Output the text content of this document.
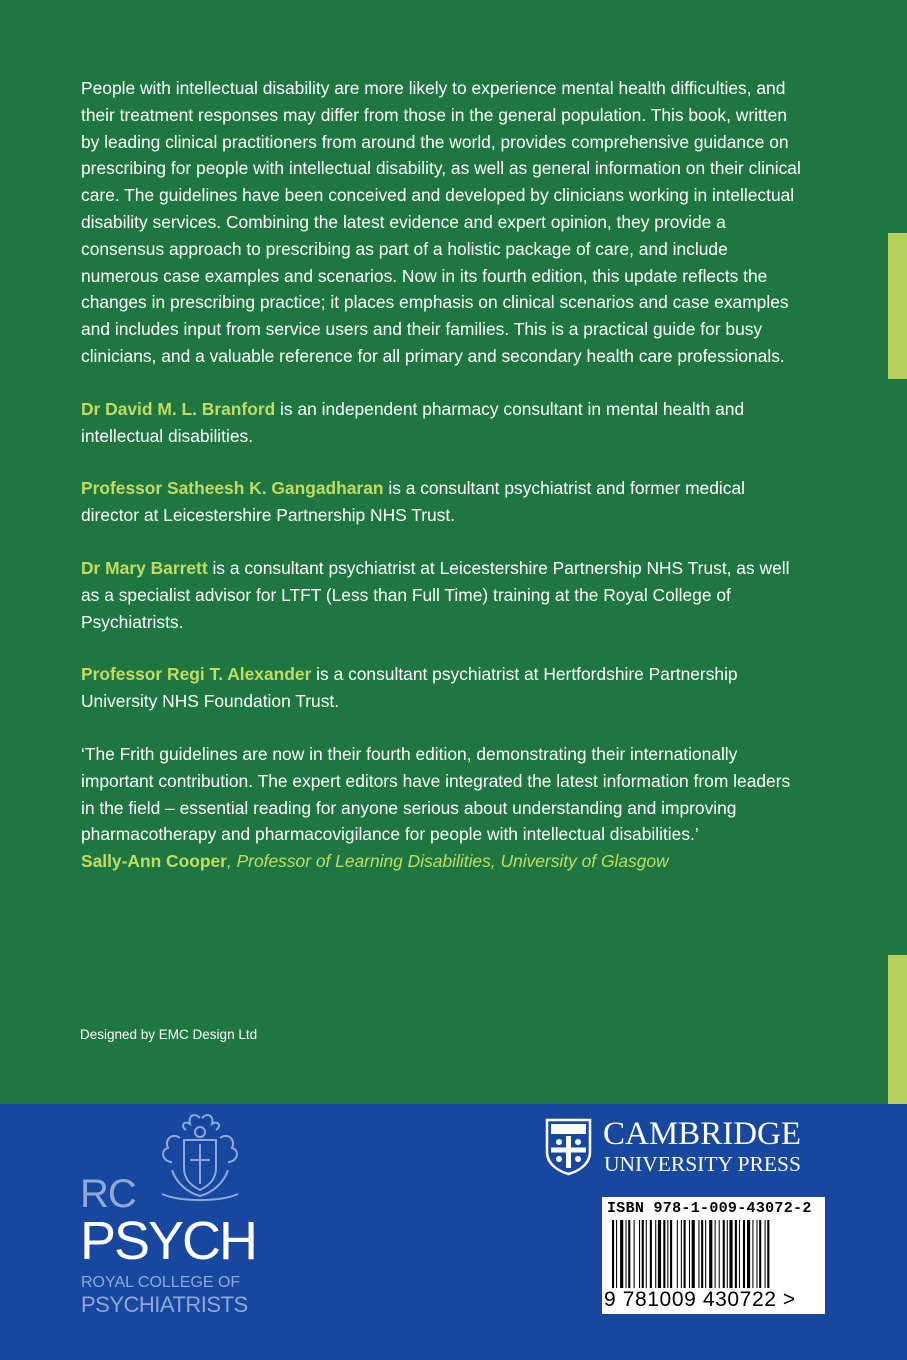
People with intellectual disability are more likely to experience mental health difficulties, and their treatment responses may differ from those in the general population. This book, written by leading clinical practitioners from around the world, provides comprehensive guidance on prescribing for people with intellectual disability, as well as general information on their clinical care. The guidelines have been conceived and developed by clinicians working in intellectual disability services. Combining the latest evidence and expert opinion, they provide a consensus approach to prescribing as part of a holistic package of care, and include numerous case examples and scenarios. Now in its fourth edition, this update reflects the changes in prescribing practice; it places emphasis on clinical scenarios and case examples and includes input from service users and their families. This is a practical guide for busy clinicians, and a valuable reference for all primary and secondary health care professionals.

Dr David M. L. Branford is an independent pharmacy consultant in mental health and intellectual disabilities.

Professor Satheesh K. Gangadharan is a consultant psychiatrist and former medical director at Leicestershire Partnership NHS Trust.

Dr Mary Barrett is a consultant psychiatrist at Leicestershire Partnership NHS Trust, as well as a specialist advisor for LTFT (Less than Full Time) training at the Royal College of Psychiatrists.

Professor Regi T. Alexander is a consultant psychiatrist at Hertfordshire Partnership University NHS Foundation Trust.

‘The Frith guidelines are now in their fourth edition, demonstrating their internationally important contribution. The expert editors have integrated the latest information from leaders in the field – essential reading for anyone serious about understanding and improving pharmacotherapy and pharmacovigilance for people with intellectual disabilities.’
Sally-Ann Cooper, Professor of Learning Disabilities, University of Glasgow

Designed by EMC Design Ltd
RC
PSYCH
ROYAL COLLEGE OF
PSYCHIATRISTS
CAMBRIDGE
UNIVERSITY PRESS
ISBN 978-1-009-43072-2
9 781009 430722 >
